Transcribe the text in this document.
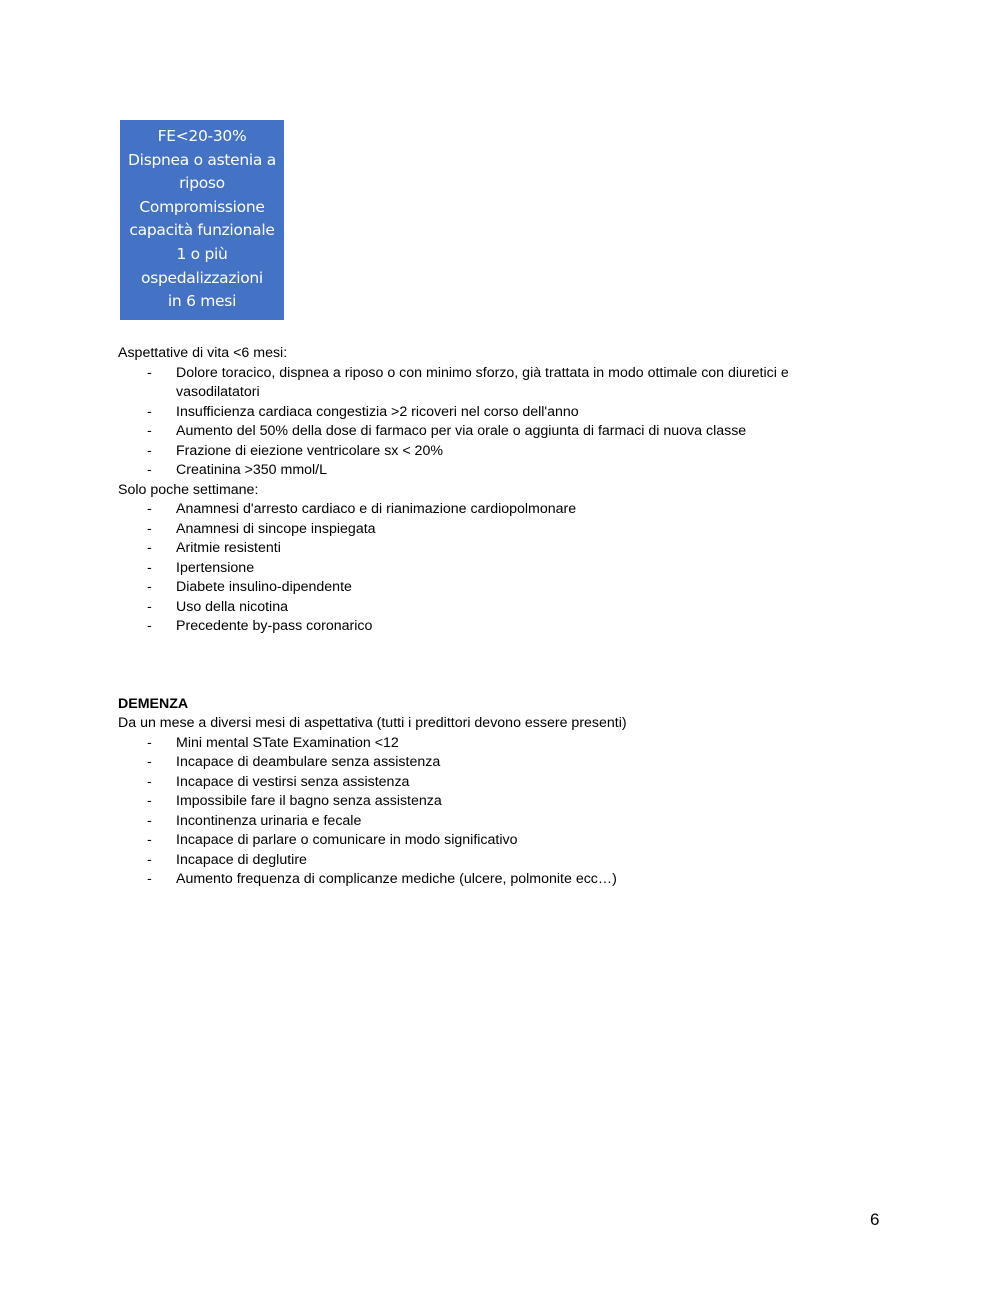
FE<20-30%
Dispnea o astenia a
riposo
Compromissione
capacità funzionale
1 o più
ospedalizzazioni
in 6 mesi
Aspettative di vita <6 mesi:
- Dolore toracico, dispnea a riposo o con minimo sforzo, già trattata in modo ottimale con diuretici e vasodilatatori
- Insufficienza cardiaca congestizia >2 ricoveri nel corso dell'anno
- Aumento del 50% della dose di farmaco per via orale o aggiunta di farmaci di nuova classe
- Frazione di eiezione ventricolare sx < 20%
- Creatinina >350 mmol/L
Solo poche settimane:
- Anamnesi d'arresto cardiaco e di rianimazione cardiopolmonare
- Anamnesi di sincope inspiegata
- Aritmie resistenti
- Ipertensione
- Diabete insulino-dipendente
- Uso della nicotina
- Precedente by-pass coronarico
DEMENZA
Da un mese a diversi mesi di aspettativa (tutti i predittori devono essere presenti)
- Mini mental STate Examination <12
- Incapace di deambulare senza assistenza
- Incapace di vestirsi senza assistenza
- Impossibile fare il bagno senza assistenza
- Incontinenza urinaria e fecale
- Incapace di parlare o comunicare in modo significativo
- Incapace di deglutire
- Aumento frequenza di complicanze mediche (ulcere, polmonite ecc…)
6
